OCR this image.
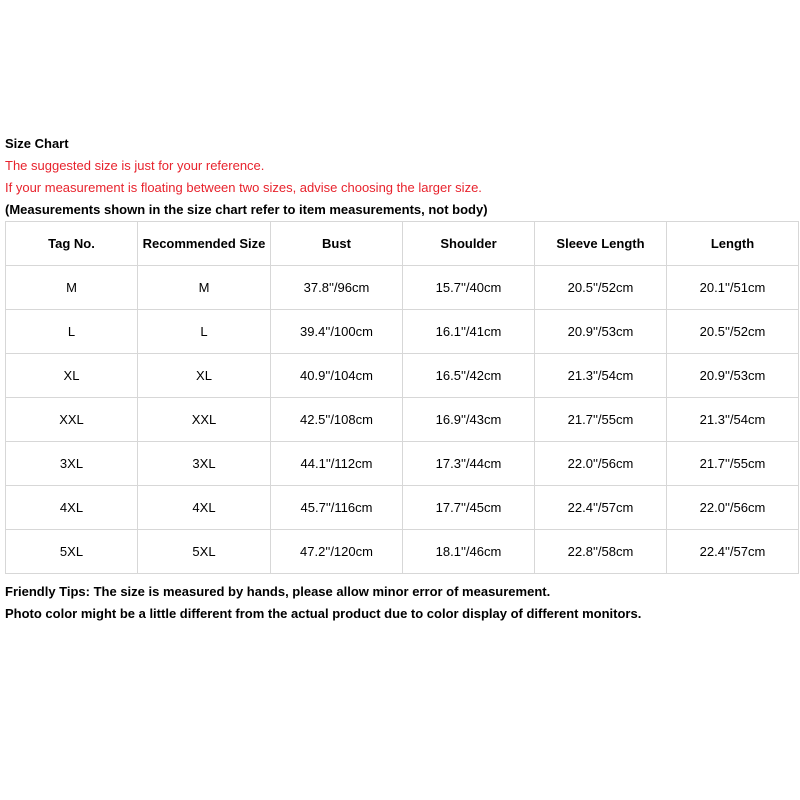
Size Chart
The suggested size is just for your reference.
If your measurement is floating between two sizes, advise choosing the larger size.
(Measurements shown in the size chart refer to item measurements, not body)
Tag No.	Recommended Size	Bust	Shoulder	Sleeve Length	Length
M	M	37.8''/96cm	15.7''/40cm	20.5''/52cm	20.1''/51cm
L	L	39.4''/100cm	16.1''/41cm	20.9''/53cm	20.5''/52cm
XL	XL	40.9''/104cm	16.5''/42cm	21.3''/54cm	20.9''/53cm
XXL	XXL	42.5''/108cm	16.9''/43cm	21.7''/55cm	21.3''/54cm
3XL	3XL	44.1''/112cm	17.3''/44cm	22.0''/56cm	21.7''/55cm
4XL	4XL	45.7''/116cm	17.7''/45cm	22.4''/57cm	22.0''/56cm
5XL	5XL	47.2''/120cm	18.1''/46cm	22.8''/58cm	22.4''/57cm
Friendly Tips: The size is measured by hands, please allow minor error of measurement.
Photo color might be a little different from the actual product due to color display of different monitors.
